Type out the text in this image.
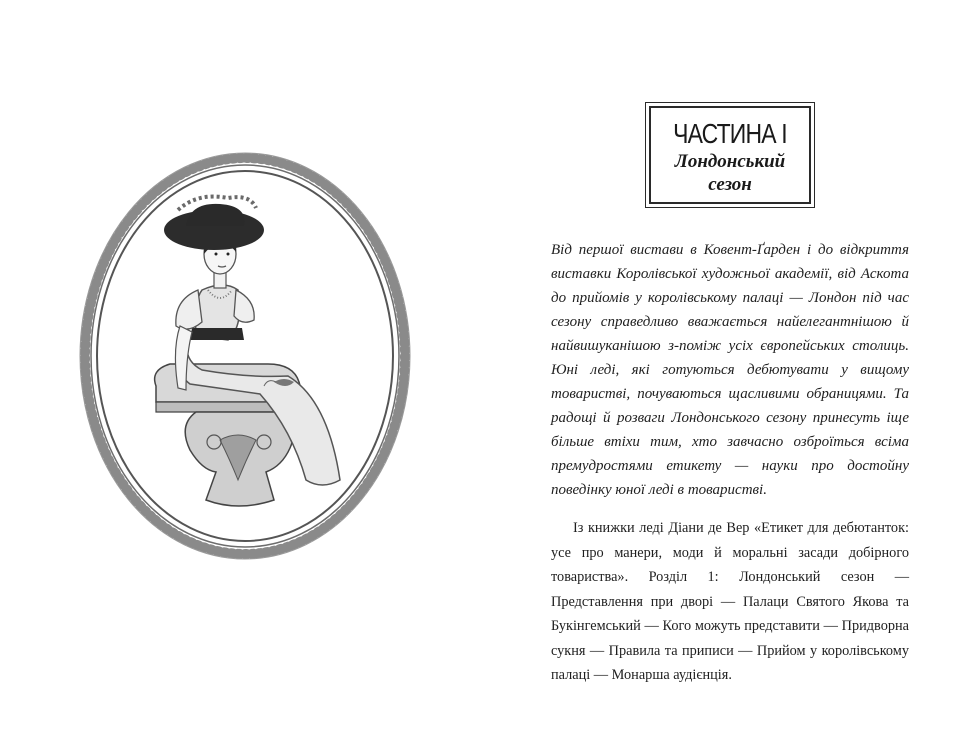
ЧАСТИНА I
Лондонський сезон

Від першої вистави в Ковент-Ґарден і до відкриття виставки Королівської художньої академії, від Аскота до прийомів у королівському палаці — Лондон під час сезону справедливо вважається найелегантнішою й найвишуканішою з-поміж усіх європейських столиць. Юні леді, які готуються дебютувати у вищому товаристві, почуваються щасливими обраницями. Та радощі й розваги Лондонського сезону принесуть іще більше втіхи тим, хто завчасно озброїться всіма премудростями етикету — науки про достойну поведінку юної леді в товаристві.

Із книжки леді Діани де Вер «Етикет для дебютанток: усе про манери, моди й моральні засади добірного товариства». Розділ 1: Лондонський сезон — Представлення при дворі — Палаци Святого Якова та Букінгемський — Кого можуть представити — Придворна сукня — Правила та приписи — Прийом у королівському палаці — Монарша аудієнція.
